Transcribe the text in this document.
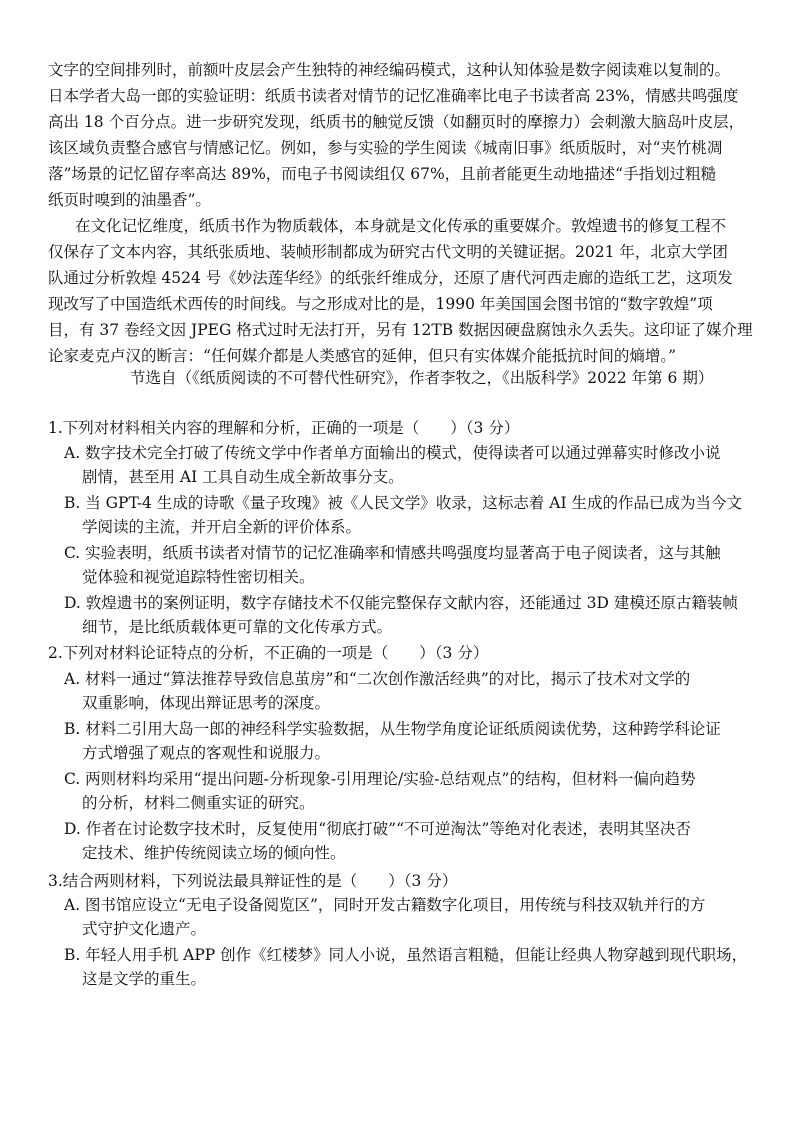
文字的空间排列时，前额叶皮层会产生独特的神经编码模式，这种认知体验是数字阅读难以复制的。
日本学者大岛一郎的实验证明：纸质书读者对情节的记忆准确率比电子书读者高 23%，情感共鸣强度
高出 18 个百分点。进一步研究发现，纸质书的触觉反馈（如翻页时的摩擦力）会刺激大脑岛叶皮层，
该区域负责整合感官与情感记忆。例如，参与实验的学生阅读《城南旧事》纸质版时，对“夹竹桃凋
落”场景的记忆留存率高达 89%，而电子书阅读组仅 67%，且前者能更生动地描述“手指划过粗糙
纸页时嗅到的油墨香”。
在文化记忆维度，纸质书作为物质载体，本身就是文化传承的重要媒介。敦煌遗书的修复工程不
仅保存了文本内容，其纸张质地、装帧形制都成为研究古代文明的关键证据。2021 年，北京大学团
队通过分析敦煌 4524 号《妙法莲华经》的纸张纤维成分，还原了唐代河西走廊的造纸工艺，这项发
现改写了中国造纸术西传的时间线。与之形成对比的是，1990 年美国国会图书馆的“数字敦煌”项
目，有 37 卷经文因 JPEG 格式过时无法打开，另有 12TB 数据因硬盘腐蚀永久丢失。这印证了媒介理
论家麦克卢汉的断言：“任何媒介都是人类感官的延伸，但只有实体媒介能抵抗时间的熵增。”
节选自（《纸质阅读的不可替代性研究》，作者李牧之，《出版科学》2022 年第 6 期）
1.下列对材料相关内容的理解和分析，正确的一项是（　　）（3 分）
A. 数字技术完全打破了传统文学中作者单方面输出的模式，使得读者可以通过弹幕实时修改小说
剧情，甚至用 AI 工具自动生成全新故事分支。
B. 当 GPT-4 生成的诗歌《量子玫瑰》被《人民文学》收录，这标志着 AI 生成的作品已成为当今文
学阅读的主流，并开启全新的评价体系。
C. 实验表明，纸质书读者对情节的记忆准确率和情感共鸣强度均显著高于电子阅读者，这与其触
觉体验和视觉追踪特性密切相关。
D. 敦煌遗书的案例证明，数字存储技术不仅能完整保存文献内容，还能通过 3D 建模还原古籍装帧
细节，是比纸质载体更可靠的文化传承方式。
2.下列对材料论证特点的分析，不正确的一项是（　　）（3 分）
A. 材料一通过“算法推荐导致信息茧房”和“二次创作激活经典”的对比，揭示了技术对文学的
双重影响，体现出辩证思考的深度。
B. 材料二引用大岛一郎的神经科学实验数据，从生物学角度论证纸质阅读优势，这种跨学科论证
方式增强了观点的客观性和说服力。
C. 两则材料均采用“提出问题-分析现象-引用理论/实验-总结观点”的结构，但材料一偏向趋势
的分析，材料二侧重实证的研究。
D. 作者在讨论数字技术时，反复使用“彻底打破”“不可逆淘汰”等绝对化表述，表明其坚决否
定技术、维护传统阅读立场的倾向性。
3.结合两则材料，下列说法最具辩证性的是（　　）（3 分）
A. 图书馆应设立“无电子设备阅览区”，同时开发古籍数字化项目，用传统与科技双轨并行的方
式守护文化遗产。
B. 年轻人用手机 APP 创作《红楼梦》同人小说，虽然语言粗糙，但能让经典人物穿越到现代职场，
这是文学的重生。
